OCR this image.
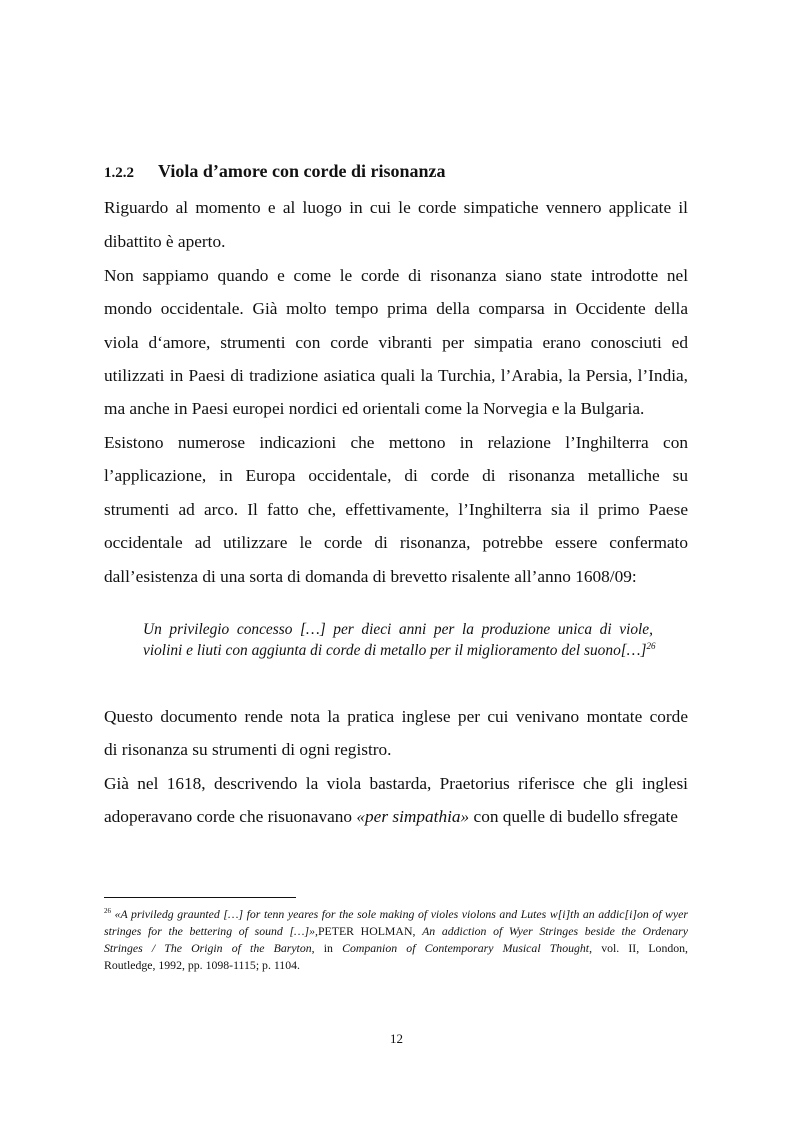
1.2.2 Viola d’amore con corde di risonanza
Riguardo al momento e al luogo in cui le corde simpatiche vennero applicate il
dibattito è aperto.
Non sappiamo quando e come le corde di risonanza siano state introdotte nel
mondo occidentale. Già molto tempo prima della comparsa in Occidente della
viola d‘amore, strumenti con corde vibranti per simpatia erano conosciuti ed
utilizzati in Paesi di tradizione asiatica quali la Turchia, l’Arabia, la Persia, l’India,
ma anche in Paesi europei nordici ed orientali come la Norvegia e la Bulgaria.
Esistono numerose indicazioni che mettono in relazione l’Inghilterra con
l’applicazione, in Europa occidentale, di corde di risonanza metalliche su
strumenti ad arco. Il fatto che, effettivamente, l’Inghilterra sia il primo Paese
occidentale ad utilizzare le corde di risonanza, potrebbe essere confermato
dall’esistenza di una sorta di domanda di brevetto risalente all’anno 1608/09:
Un privilegio concesso […] per dieci anni per la produzione unica di viole,
violini e liuti con aggiunta di corde di metallo per il miglioramento del suono[…]$^{26}$
Questo documento rende nota la pratica inglese per cui venivano montate corde
di risonanza su strumenti di ogni registro.
Già nel 1618, descrivendo la viola bastarda, Praetorius riferisce che gli inglesi
adoperavano corde che risuonavano «per simpathia» con quelle di budello sfregate
$^{26}$ «A priviledg graunted […] for tenn yeares for the sole making of violes violons and Lutes w[i]th an addic[i]on of wyer
stringes for the bettering of sound […]»,PETER HOLMAN, An addiction of Wyer Stringes beside the Ordenary
Stringes / The Origin of the Baryton, in Companion of Contemporary Musical Thought, vol. II, London,
Routledge, 1992, pp. 1098-1115; p. 1104.
12
